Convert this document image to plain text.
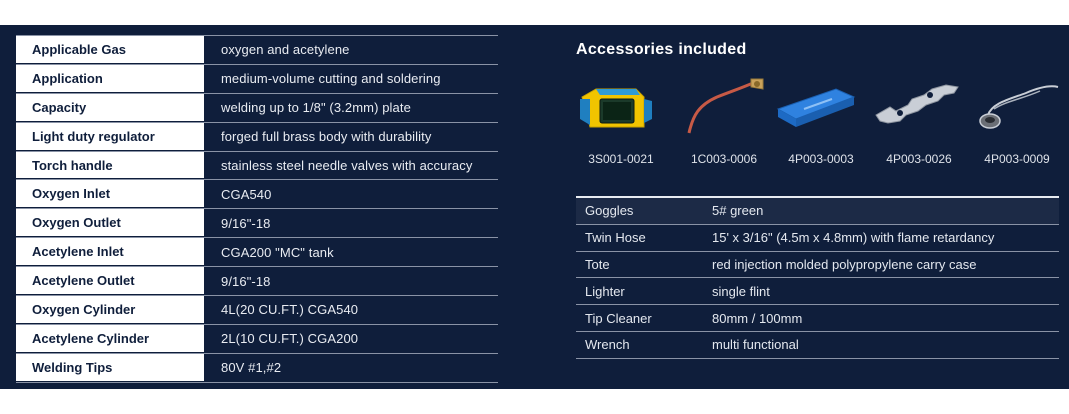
Applicable Gas	oxygen and acetylene
Application	medium-volume cutting and soldering
Capacity	welding up to 1/8" (3.2mm) plate
Light duty regulator	forged full brass body with durability
Torch handle	stainless steel needle valves with accuracy
Oxygen Inlet	CGA540
Oxygen Outlet	9/16"-18
Acetylene Inlet	CGA200 "MC" tank
Acetylene Outlet	9/16"-18
Oxygen Cylinder	4L(20 CU.FT.) CGA540
Acetylene Cylinder	2L(10 CU.FT.) CGA200
Welding Tips	80V #1,#2
Accessories included
3S001-0021	1C003-0006	4P003-0003	4P003-0026	4P003-0009
Goggles	5# green
Twin Hose	15' x 3/16" (4.5m x 4.8mm) with flame retardancy
Tote	red injection molded polypropylene carry case
Lighter	single flint
Tip Cleaner	80mm / 100mm
Wrench	multi functional
